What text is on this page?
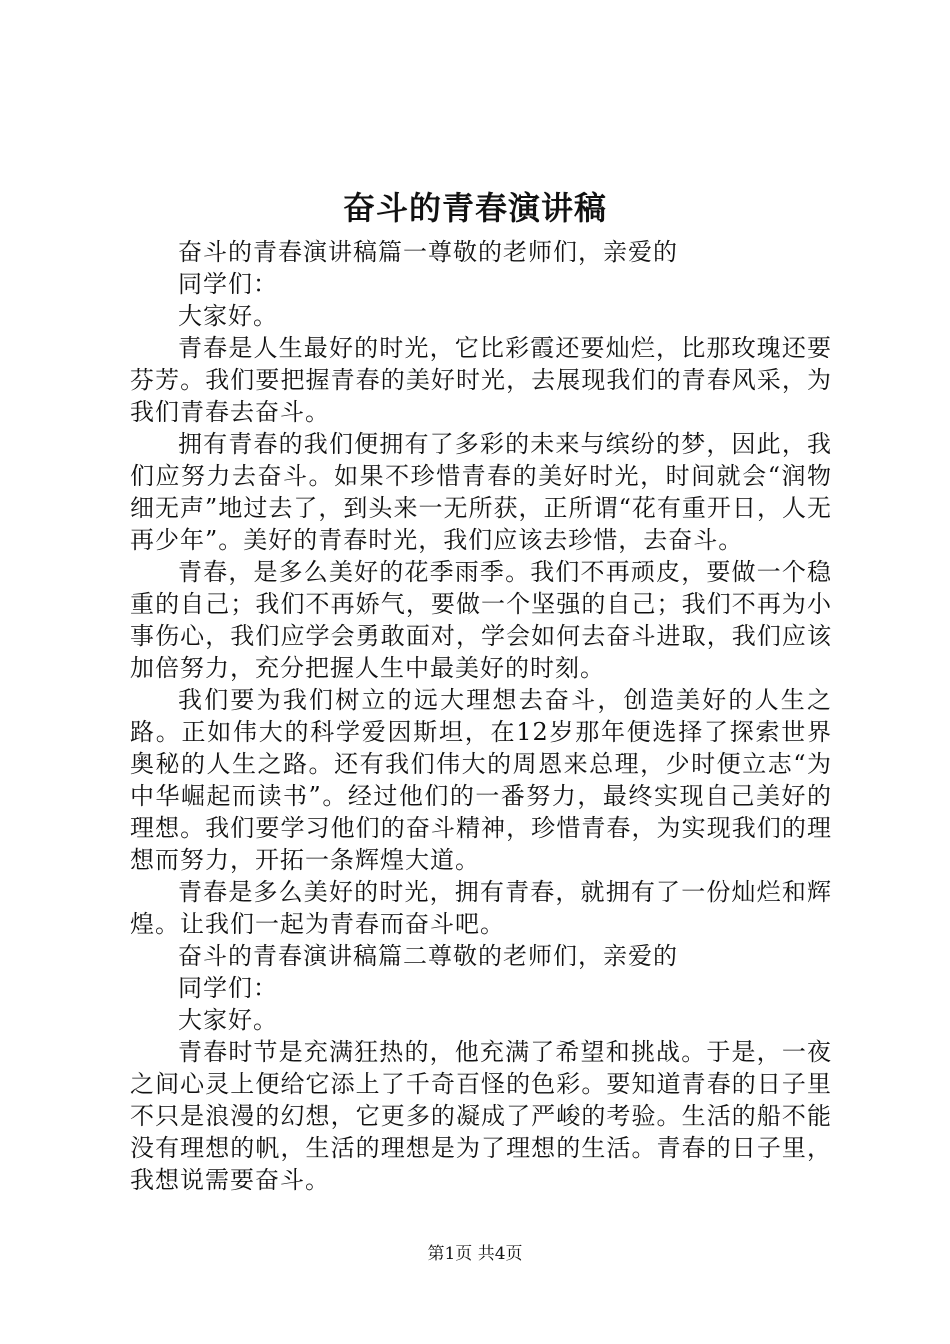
奋斗的青春演讲稿

奋斗的青春演讲稿篇一尊敬的老师们，亲爱的

同学们：

大家好。

青春是人生最好的时光，它比彩霞还要灿烂，比那玫瑰还要芬芳。我们要把握青春的美好时光，去展现我们的青春风采，为我们青春去奋斗。

拥有青春的我们便拥有了多彩的未来与缤纷的梦，因此，我们应努力去奋斗。如果不珍惜青春的美好时光，时间就会“润物细无声”地过去了，到头来一无所获，正所谓“花有重开日，人无再少年”。美好的青春时光，我们应该去珍惜，去奋斗。

青春，是多么美好的花季雨季。我们不再顽皮，要做一个稳重的自己；我们不再娇气，要做一个坚强的自己；我们不再为小事伤心，我们应学会勇敢面对，学会如何去奋斗进取，我们应该加倍努力，充分把握人生中最美好的时刻。

我们要为我们树立的远大理想去奋斗，创造美好的人生之路。正如伟大的科学爱因斯坦，在12岁那年便选择了探索世界奥秘的人生之路。还有我们伟大的周恩来总理，少时便立志“为中华崛起而读书”。经过他们的一番努力，最终实现自己美好的理想。我们要学习他们的奋斗精神，珍惜青春，为实现我们的理想而努力，开拓一条辉煌大道。

青春是多么美好的时光，拥有青春，就拥有了一份灿烂和辉煌。让我们一起为青春而奋斗吧。

奋斗的青春演讲稿篇二尊敬的老师们，亲爱的

同学们：

大家好。

青春时节是充满狂热的，他充满了希望和挑战。于是，一夜之间心灵上便给它添上了千奇百怪的色彩。要知道青春的日子里不只是浪漫的幻想，它更多的凝成了严峻的考验。生活的船不能没有理想的帆，生活的理想是为了理想的生活。青春的日子里，我想说需要奋斗。

第1页 共4页
